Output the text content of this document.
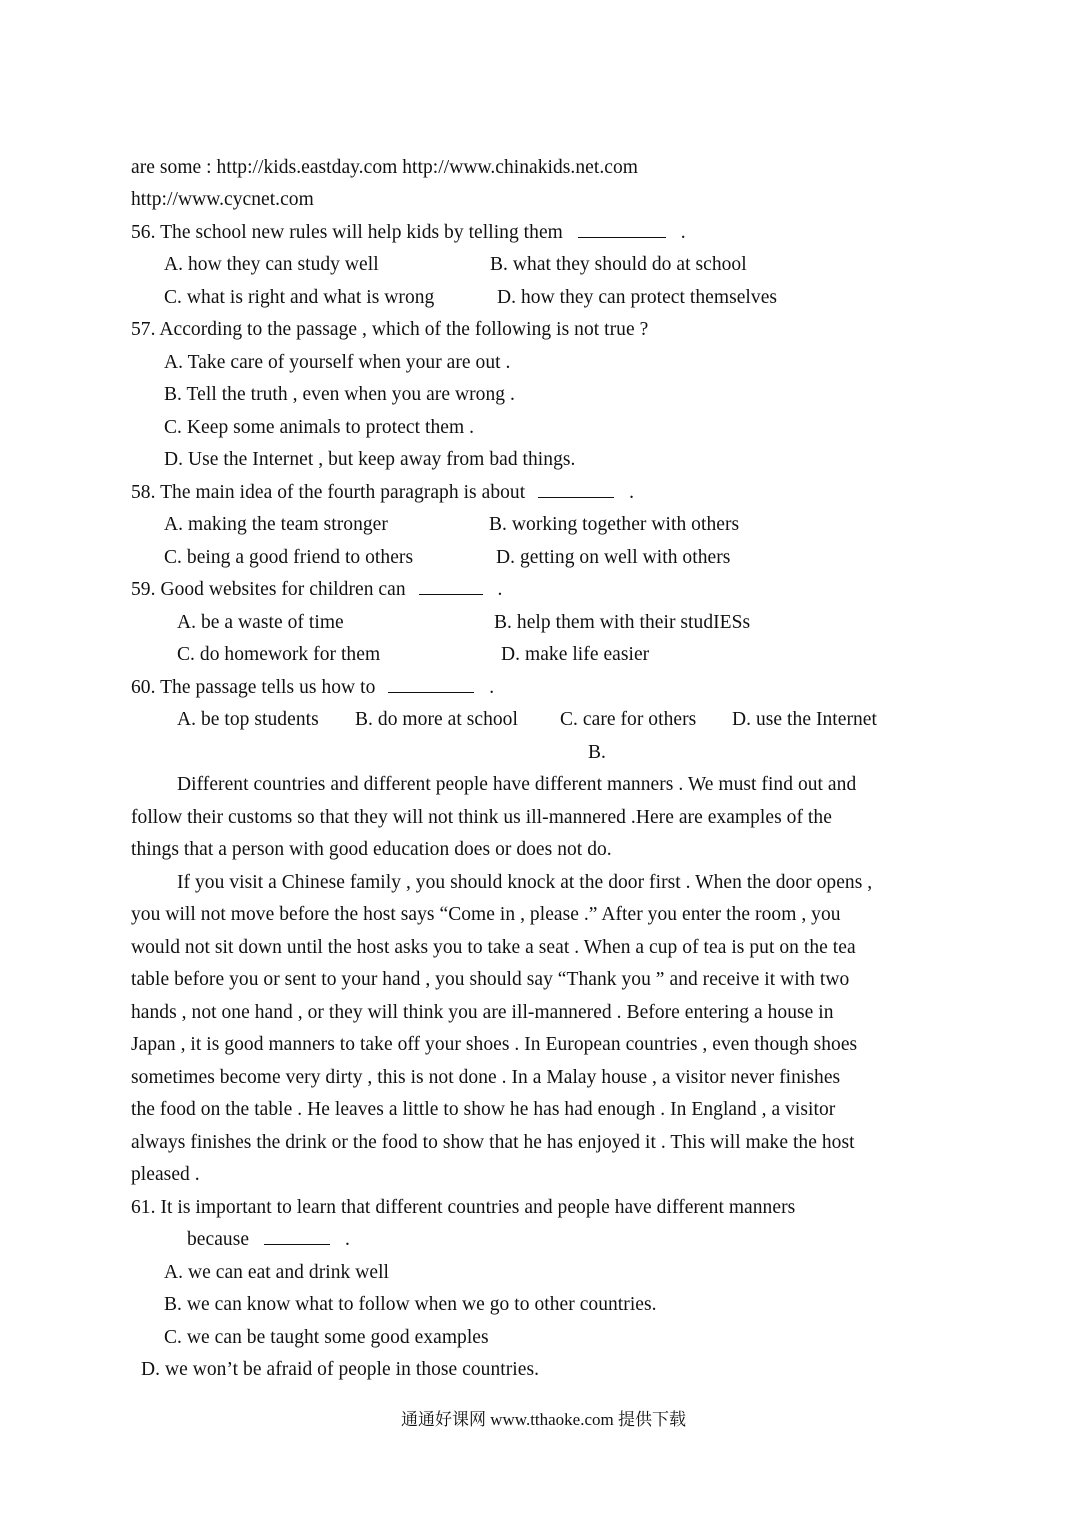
are some : http://kids.eastday.com http://www.chinakids.net.com
http://www.cycnet.com
56. The school new rules will help kids by telling them	.
A. how they can study well	B. what they should do at school
C. what is right and what is wrong	D. how they can protect themselves
57. According to the passage , which of the following is not true ?
A. Take care of yourself when your are out .
B. Tell the truth , even when you are wrong .
C. Keep some animals to protect them .
D. Use the Internet , but keep away from bad things.
58. The main idea of the fourth paragraph is about	.
A. making the team stronger	B. working together with others
C. being a good friend to others	D. getting on well with others
59. Good websites for children can	.
A. be a waste of time	B. help them with their studIESs
C. do homework for them	D. make life easier
60. The passage tells us how to	.
A. be top students B. do more at school C. care for others D. use the Internet
B.
Different countries and different people have different manners . We must find out and
follow their customs so that they will not think us ill-mannered .Here are examples of the
things that a person with good education does or does not do.
If you visit a Chinese family , you should knock at the door first . When the door opens ,
you will not move before the host says “Come in , please .” After you enter the room , you
would not sit down until the host asks you to take a seat . When a cup of tea is put on the tea
table before you or sent to your hand , you should say “Thank you ” and receive it with two
hands , not one hand , or they will think you are ill-mannered . Before entering a house in
Japan , it is good manners to take off your shoes . In European countries , even though shoes
sometimes become very dirty , this is not done . In a Malay house , a visitor never finishes
the food on the table . He leaves a little to show he has had enough . In England , a visitor
always finishes the drink or the food to show that he has enjoyed it . This will make the host
pleased .
61. It is important to learn that different countries and people have different manners
because	.
A. we can eat and drink well
B. we can know what to follow when we go to other countries.
C. we can be taught some good examples
D. we won’t be afraid of people in those countries.
通通好课网 www.tthaoke.com 提供下载
